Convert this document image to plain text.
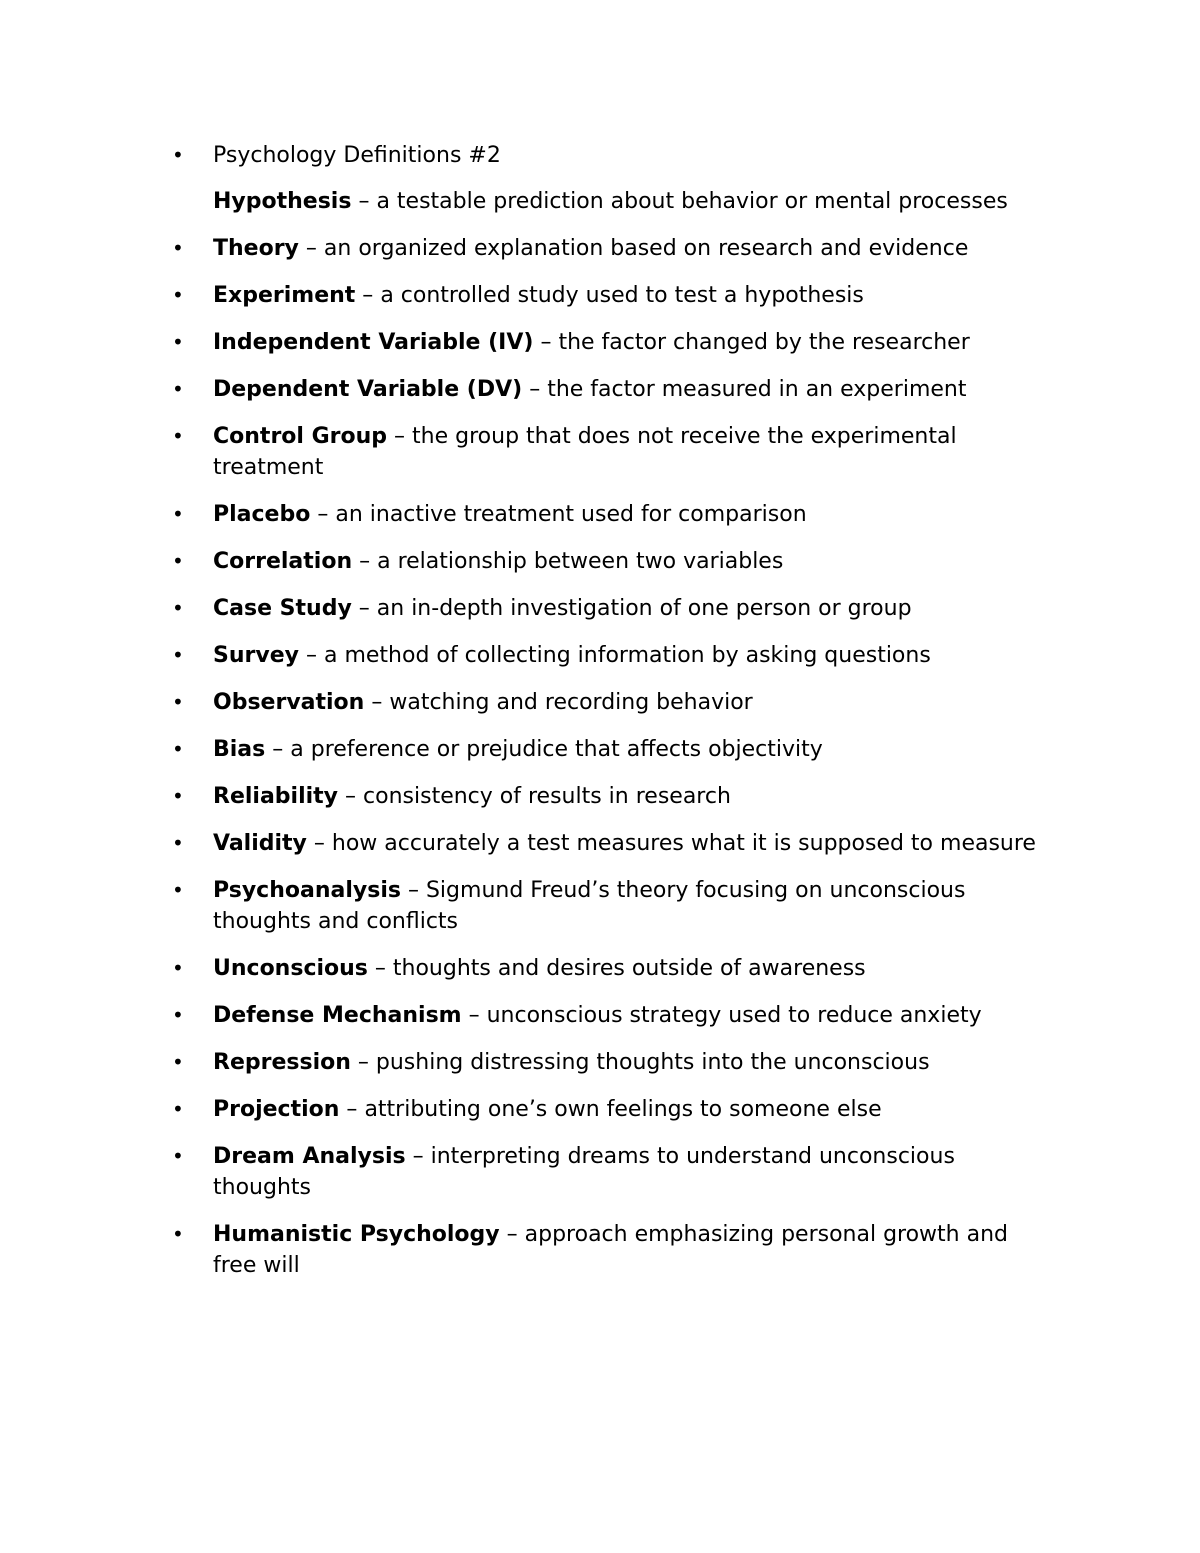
•	Psychology Definitions #2
Hypothesis – a testable prediction about behavior or mental processes
•	Theory – an organized explanation based on research and evidence
•	Experiment – a controlled study used to test a hypothesis
•	Independent Variable (IV) – the factor changed by the researcher
•	Dependent Variable (DV) – the factor measured in an experiment
•	Control Group – the group that does not receive the experimental treatment
•	Placebo – an inactive treatment used for comparison
•	Correlation – a relationship between two variables
•	Case Study – an in-depth investigation of one person or group
•	Survey – a method of collecting information by asking questions
•	Observation – watching and recording behavior
•	Bias – a preference or prejudice that affects objectivity
•	Reliability – consistency of results in research
•	Validity – how accurately a test measures what it is supposed to measure
•	Psychoanalysis – Sigmund Freud’s theory focusing on unconscious thoughts and conflicts
•	Unconscious – thoughts and desires outside of awareness
•	Defense Mechanism – unconscious strategy used to reduce anxiety
•	Repression – pushing distressing thoughts into the unconscious
•	Projection – attributing one’s own feelings to someone else
•	Dream Analysis – interpreting dreams to understand unconscious thoughts
•	Humanistic Psychology – approach emphasizing personal growth and free will
